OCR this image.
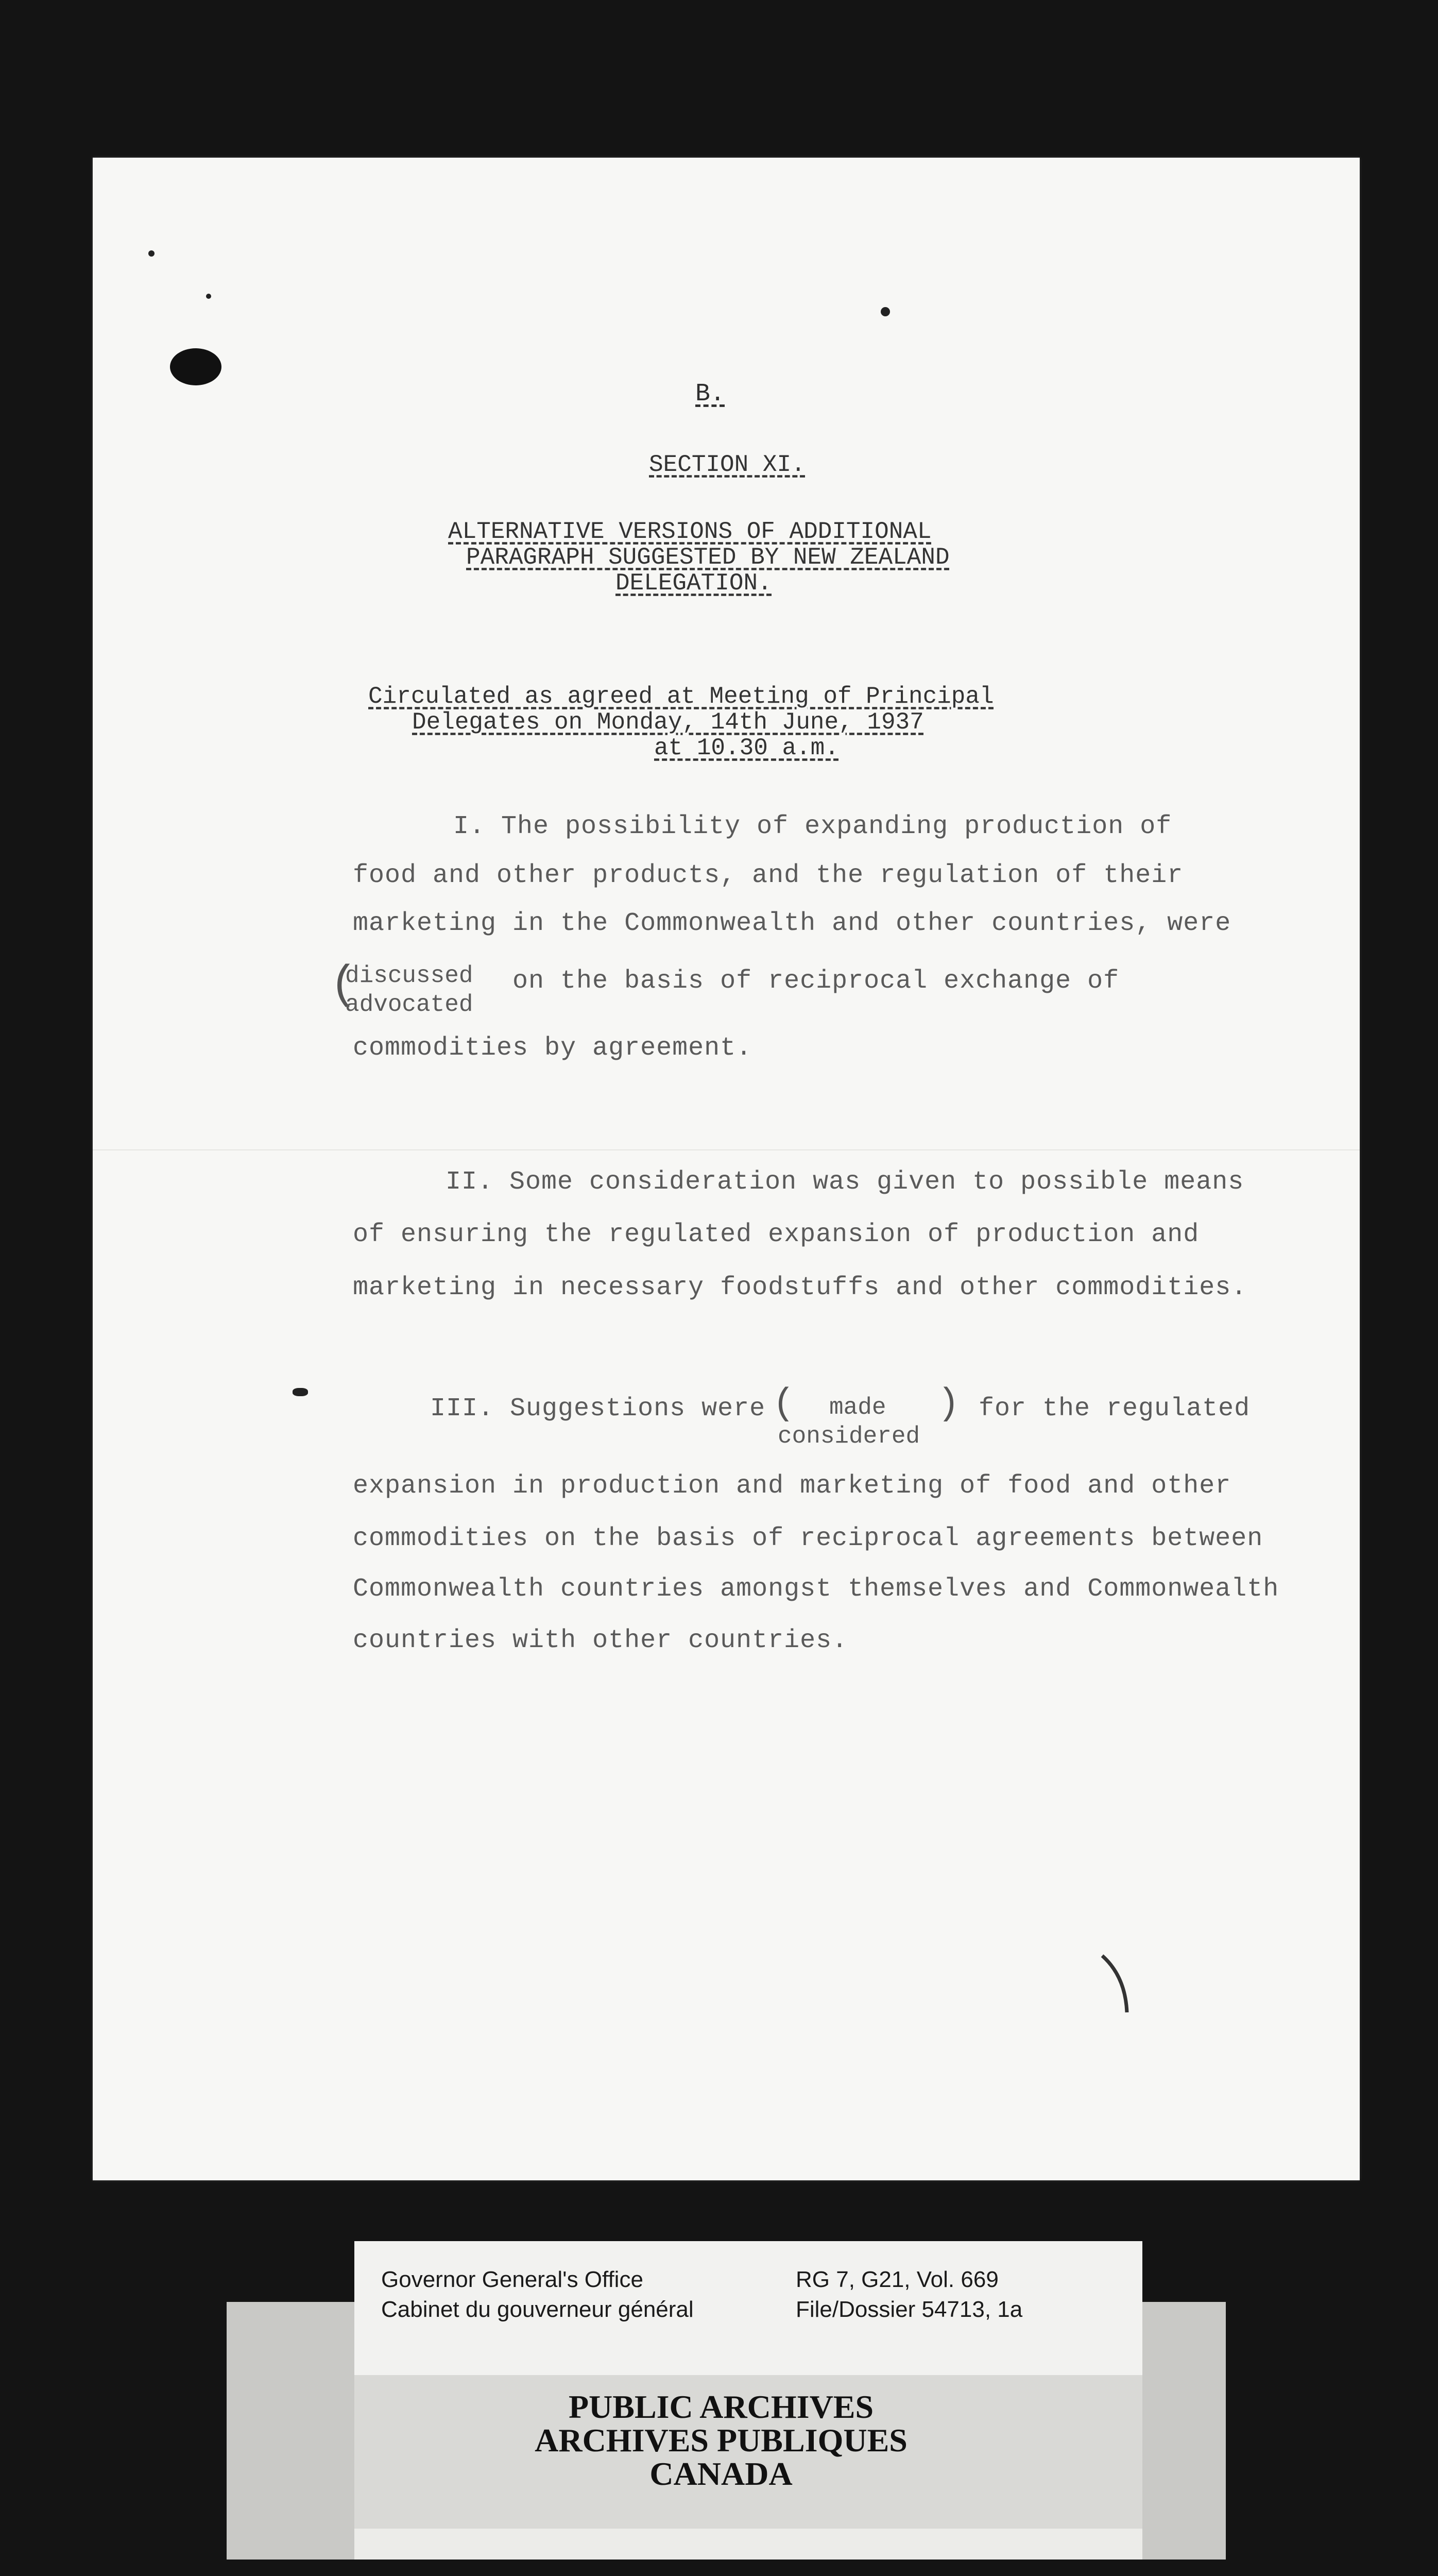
B.
SECTION XI.
ALTERNATIVE VERSIONS OF ADDITIONAL
PARAGRAPH SUGGESTED BY NEW ZEALAND
DELEGATION.
Circulated as agreed at Meeting of Principal
Delegates on Monday, 14th June, 1937
at 10.30 a.m.
I. The possibility of expanding production of
food and other products, and the regulation of their
marketing in the Commonwealth and other countries, were
(
discussed
advocated
on the basis of reciprocal exchange of
commodities by agreement.
II. Some consideration was given to possible means
of ensuring the regulated expansion of production and
marketing in necessary foodstuffs and other commodities.
III. Suggestions were ( made
considered
) for the regulated
expansion in production and marketing of food and other
commodities on the basis of reciprocal agreements between
Commonwealth countries amongst themselves and Commonwealth
countries with other countries.
Governor General's Office
Cabinet du gouverneur général
RG 7, G21, Vol. 669
File/Dossier 54713, 1a
PUBLIC ARCHIVES
ARCHIVES PUBLIQUES
CANADA
